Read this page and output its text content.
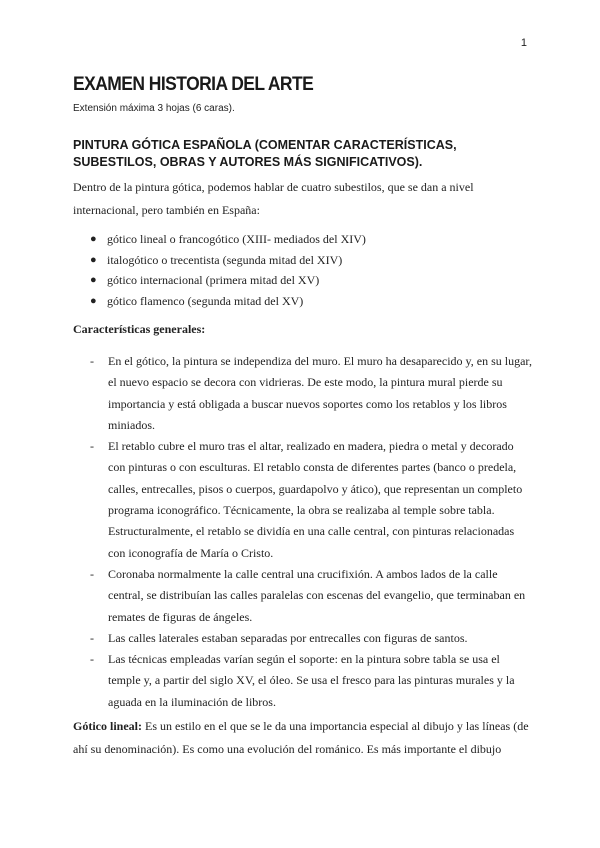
1
EXAMEN HISTORIA DEL ARTE
Extensión máxima 3 hojas (6 caras).
PINTURA GÓTICA ESPAÑOLA (COMENTAR CARACTERÍSTICAS, SUBESTILOS, OBRAS Y AUTORES MÁS SIGNIFICATIVOS).

Dentro de la pintura gótica, podemos hablar de cuatro subestilos, que se dan a nivel internacional, pero también en España:

● gótico lineal o francogótico (XIII- mediados del XIV)
● italogótico o trecentista (segunda mitad del XIV)
● gótico internacional (primera mitad del XV)
● gótico flamenco (segunda mitad del XV)

Características generales:

- En el gótico, la pintura se independiza del muro. El muro ha desaparecido y, en su lugar, el nuevo espacio se decora con vidrieras. De este modo, la pintura mural pierde su importancia y está obligada a buscar nuevos soportes como los retablos y los libros miniados.
- El retablo cubre el muro tras el altar, realizado en madera, piedra o metal y decorado con pinturas o con esculturas. El retablo consta de diferentes partes (banco o predela, calles, entrecalles, pisos o cuerpos, guardapolvo y ático), que representan un completo programa iconográfico. Técnicamente, la obra se realizaba al temple sobre tabla. Estructuralmente, el retablo se dividía en una calle central, con pinturas relacionadas con iconografía de María o Cristo.
- Coronaba normalmente la calle central una crucifixión. A ambos lados de la calle central, se distribuían las calles paralelas con escenas del evangelio, que terminaban en remates de figuras de ángeles.
- Las calles laterales estaban separadas por entrecalles con figuras de santos.
- Las técnicas empleadas varían según el soporte: en la pintura sobre tabla se usa el temple y, a partir del siglo XV, el óleo. Se usa el fresco para las pinturas murales y la aguada en la iluminación de libros.

Gótico lineal: Es un estilo en el que se le da una importancia especial al dibujo y las líneas (de ahí su denominación). Es como una evolución del románico. Es más importante el dibujo
